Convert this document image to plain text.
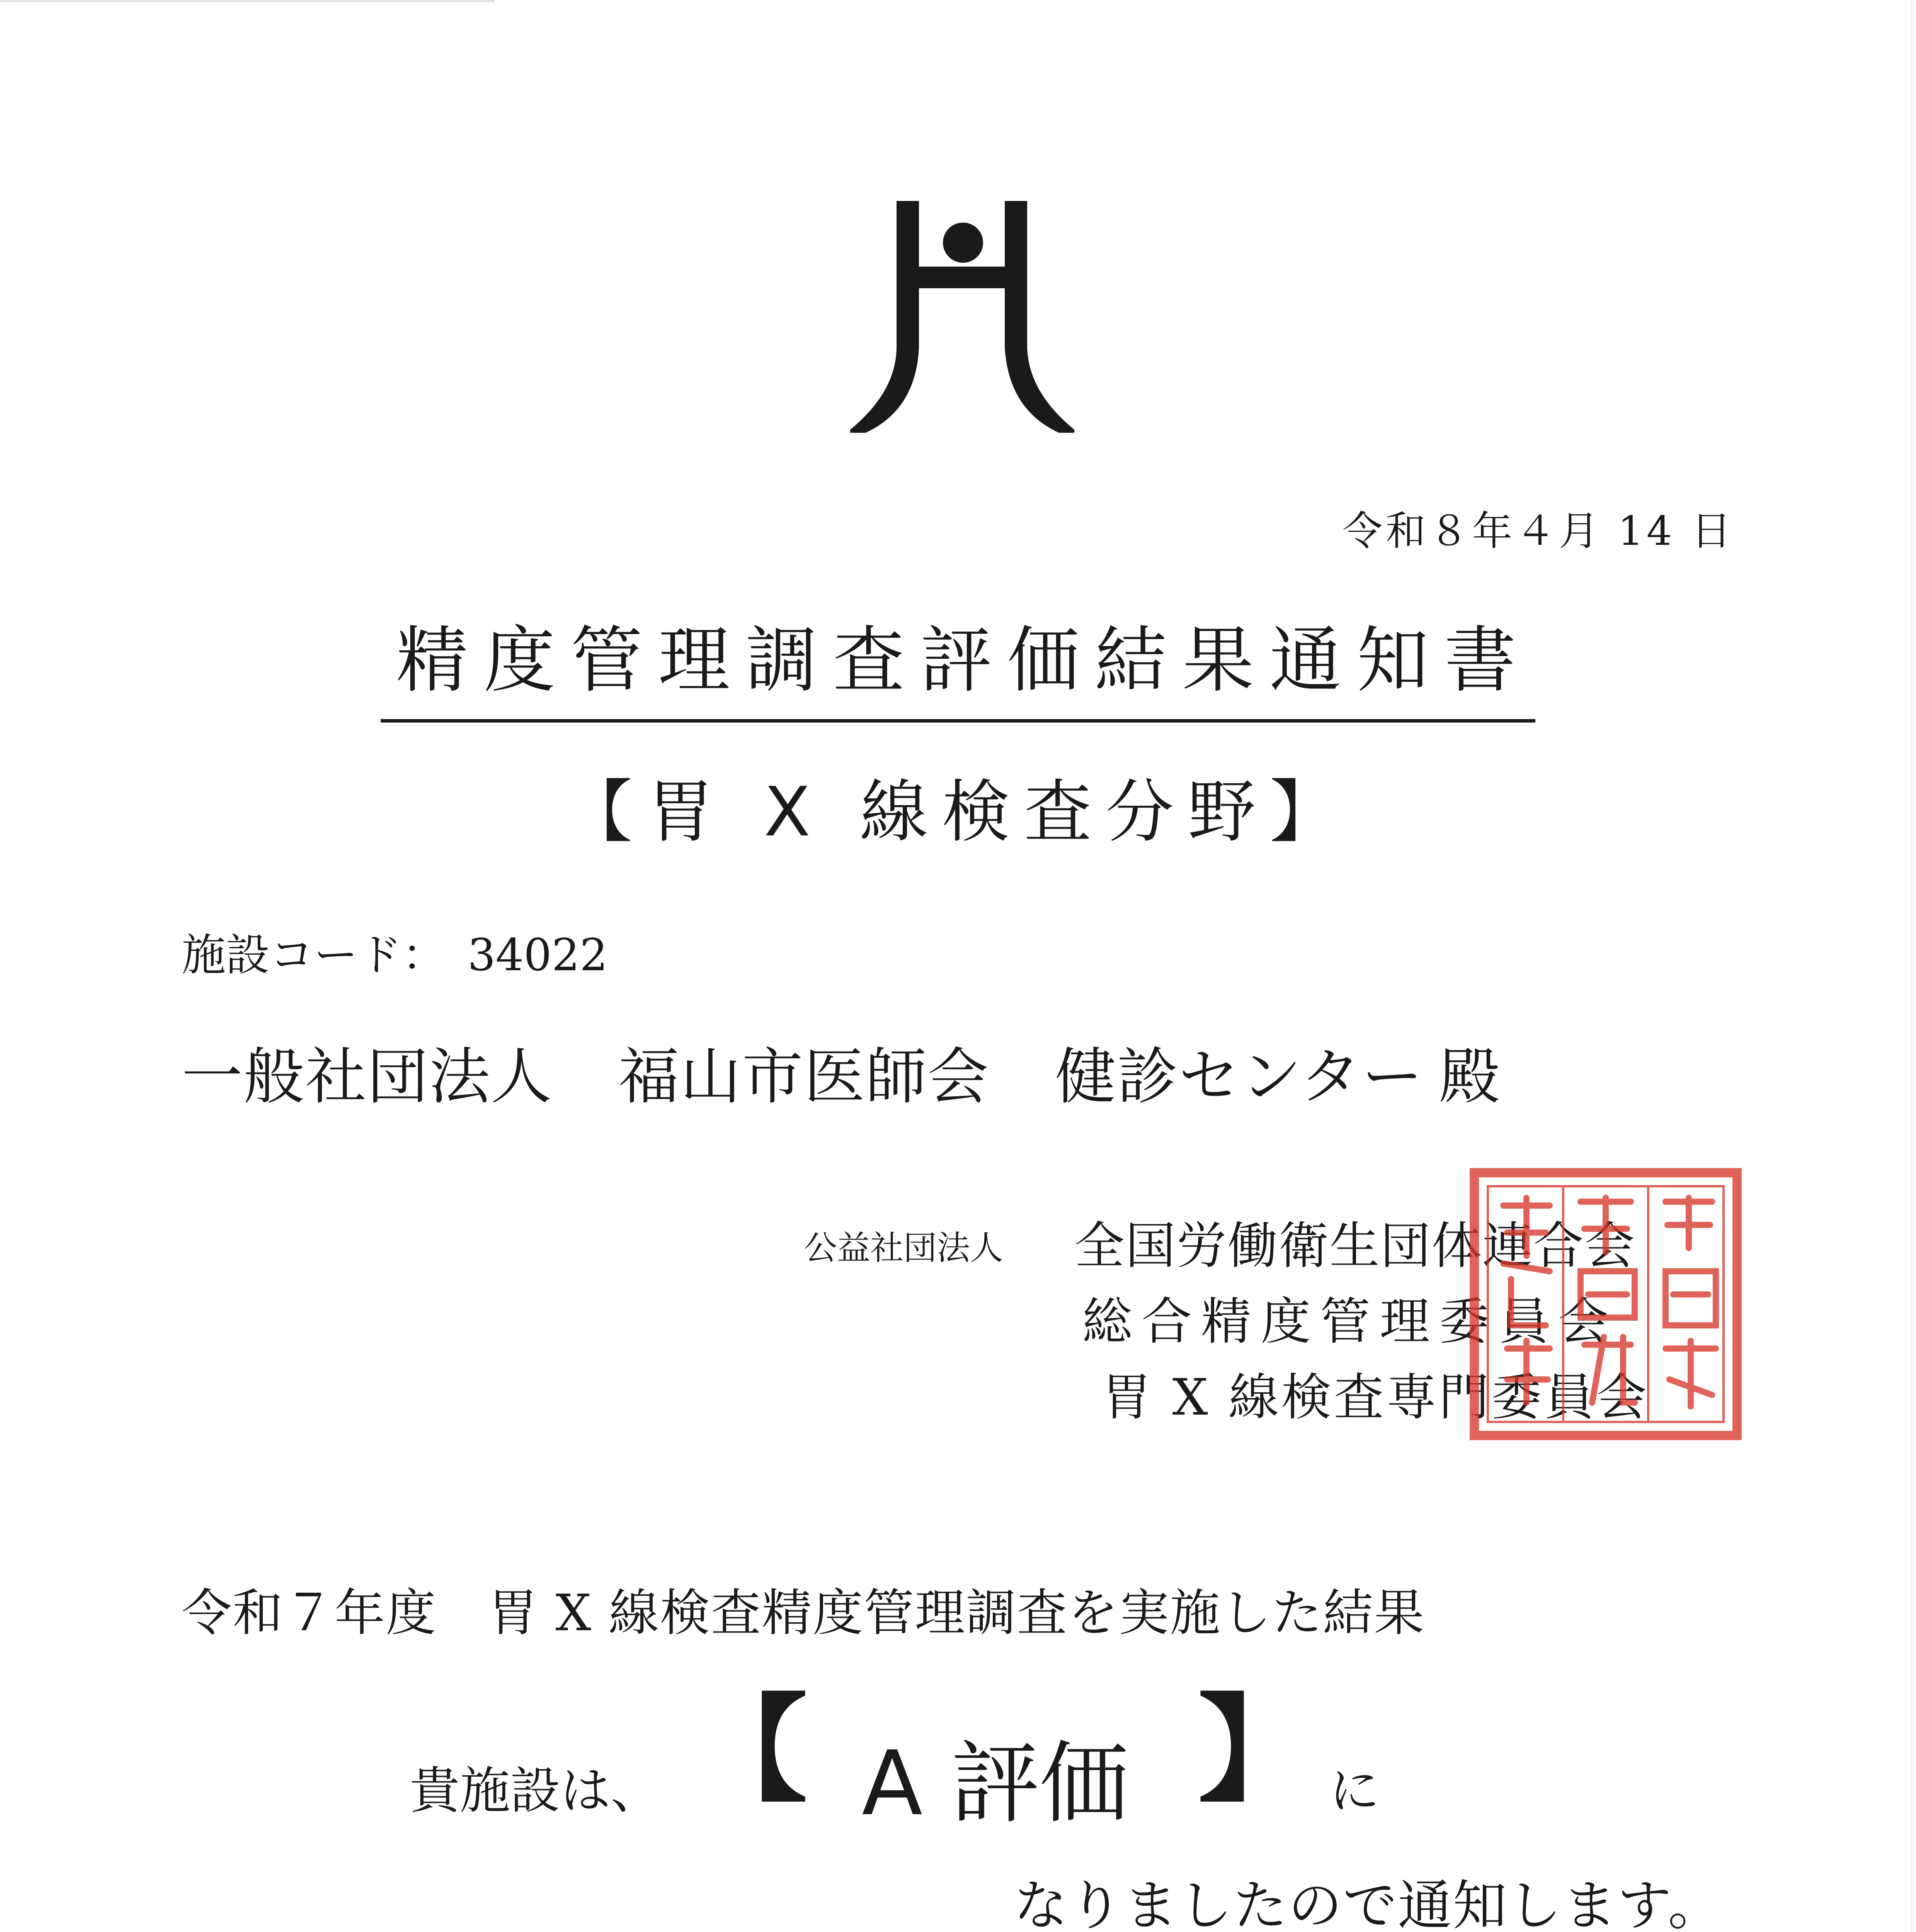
令和８年４月 14 日

精度管理調査評価結果通知書
【胃 X 線検査分野】

施設コード： 34022

一般社団法人 福山市医師会 健診センター 殿

公益社団法人 全国労働衛生団体連合会
総合精度管理委員会
胃 X 線検査専門委員会

令和７年度　胃 X 線検査精度管理調査を実施した結果

貴施設は、 【 A 評価 】 に

なりましたので通知します。
